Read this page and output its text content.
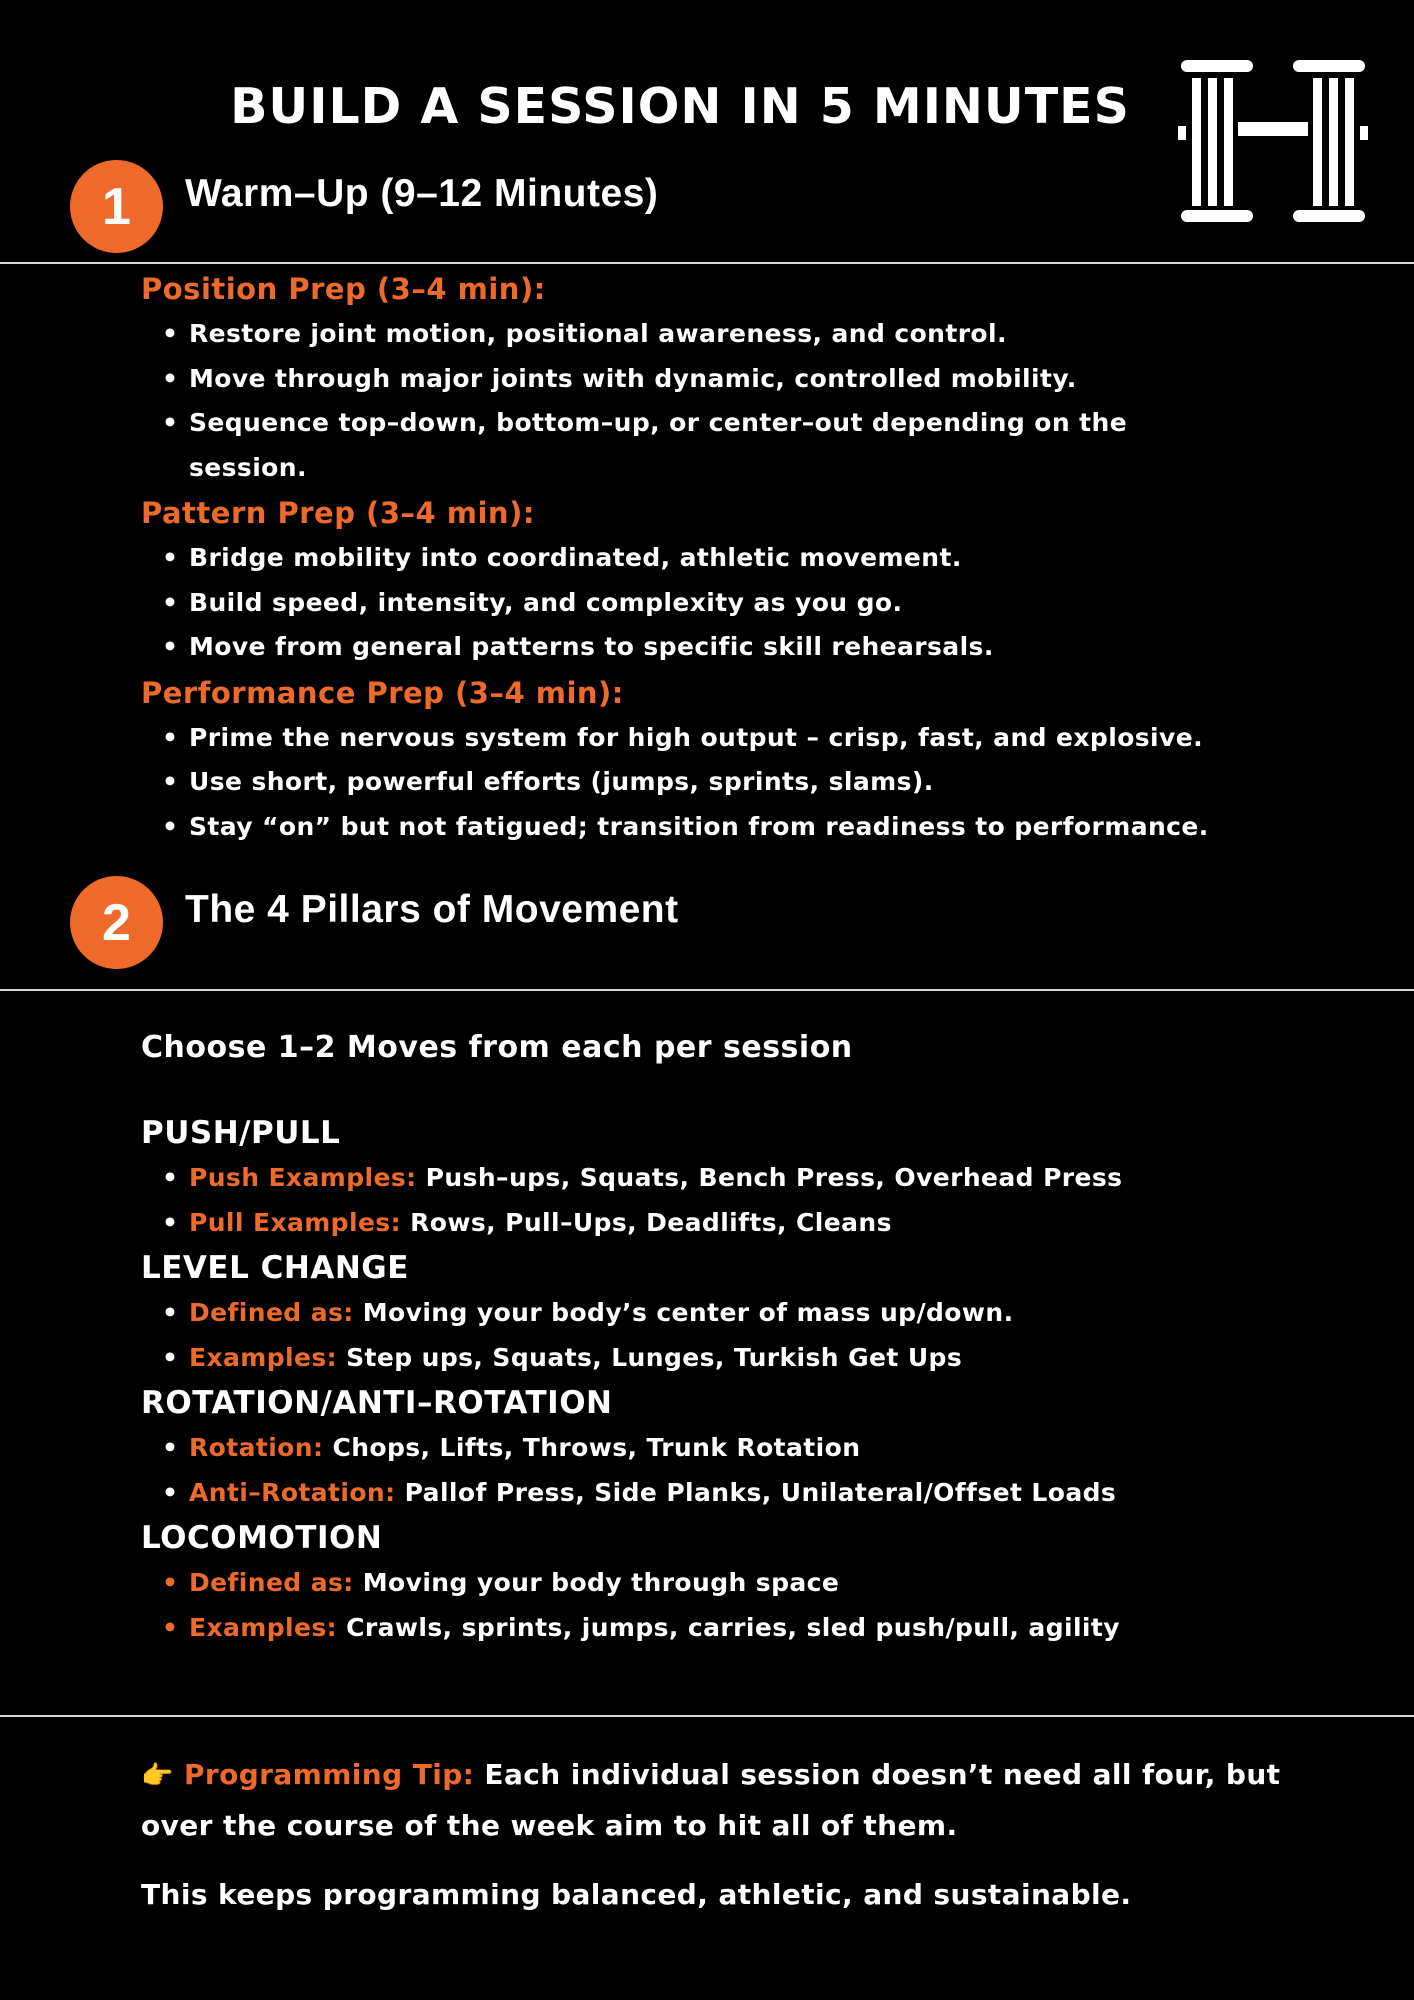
BUILD A SESSION IN 5 MINUTES
1	Warm–Up (9–12 Minutes)
Position Prep (3–4 min):
• Restore joint motion, positional awareness, and control.
• Move through major joints with dynamic, controlled mobility.
• Sequence top–down, bottom–up, or center–out depending on the session.
Pattern Prep (3–4 min):
• Bridge mobility into coordinated, athletic movement.
• Build speed, intensity, and complexity as you go.
• Move from general patterns to specific skill rehearsals.
Performance Prep (3–4 min):
• Prime the nervous system for high output – crisp, fast, and explosive.
• Use short, powerful efforts (jumps, sprints, slams).
• Stay “on” but not fatigued; transition from readiness to performance.
2	The 4 Pillars of Movement
Choose 1–2 Moves from each per session
PUSH/PULL
• Push Examples: Push–ups, Squats, Bench Press, Overhead Press
• Pull Examples: Rows, Pull–Ups, Deadlifts, Cleans
LEVEL CHANGE
• Defined as: Moving your body’s center of mass up/down.
• Examples: Step ups, Squats, Lunges, Turkish Get Ups
ROTATION/ANTI–ROTATION
• Rotation: Chops, Lifts, Throws, Trunk Rotation
• Anti–Rotation: Pallof Press, Side Planks, Unilateral/Offset Loads
LOCOMOTION
• Defined as: Moving your body through space
• Examples: Crawls, sprints, jumps, carries, sled push/pull, agility
👉 Programming Tip: Each individual session doesn’t need all four, but over the course of the week aim to hit all of them.
This keeps programming balanced, athletic, and sustainable.
